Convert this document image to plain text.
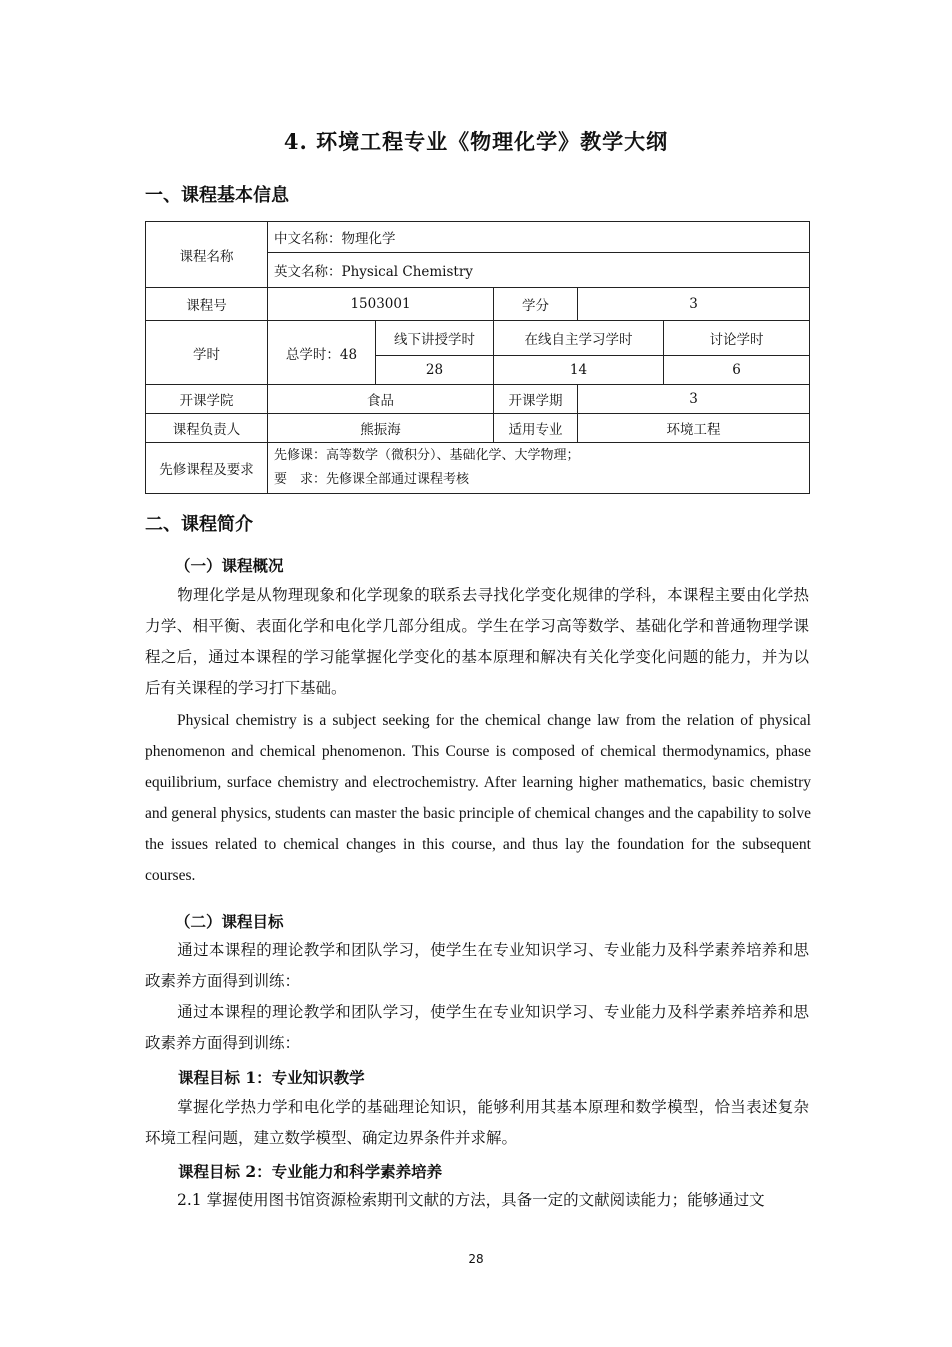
4. 环境工程专业《物理化学》教学大纲
一、课程基本信息
课程名称	中文名称：物理化学				
	英文名称：Physical Chemistry				
课程号	1503001		学分	3	
学时	总学时：48	线下讲授学时	在线自主学习学时		讨论学时
		28	14		6
开课学院	食品		开课学期	3	
课程负责人	熊振海		适用专业	环境工程	
先修课程及要求	先修课：高等数学（微积分）、基础化学、大学物理；
要　求：先修课全部通过课程考核				
二、课程简介
（一）课程概况
物理化学是从物理现象和化学现象的联系去寻找化学变化规律的学科，本课程主要由化学热力学、相平衡、表面化学和电化学几部分组成。学生在学习高等数学、基础化学和普通物理学课程之后，通过本课程的学习能掌握化学变化的基本原理和解决有关化学变化问题的能力，并为以后有关课程的学习打下基础。
Physical chemistry is a subject seeking for the chemical change law from the relation of physical phenomenon and chemical phenomenon. This Course is composed of chemical thermodynamics, phase equilibrium, surface chemistry and electrochemistry. After learning higher mathematics, basic chemistry and general physics, students can master the basic principle of chemical changes and the capability to solve the issues related to chemical changes in this course, and thus lay the foundation for the subsequent courses.
（二）课程目标
通过本课程的理论教学和团队学习，使学生在专业知识学习、专业能力及科学素养培养和思政素养方面得到训练：
通过本课程的理论教学和团队学习，使学生在专业知识学习、专业能力及科学素养培养和思政素养方面得到训练：
课程目标 1：专业知识教学
掌握化学热力学和电化学的基础理论知识，能够利用其基本原理和数学模型，恰当表述复杂环境工程问题，建立数学模型、确定边界条件并求解。
课程目标 2：专业能力和科学素养培养
2.1 掌握使用图书馆资源检索期刊文献的方法，具备一定的文献阅读能力；能够通过文
28
